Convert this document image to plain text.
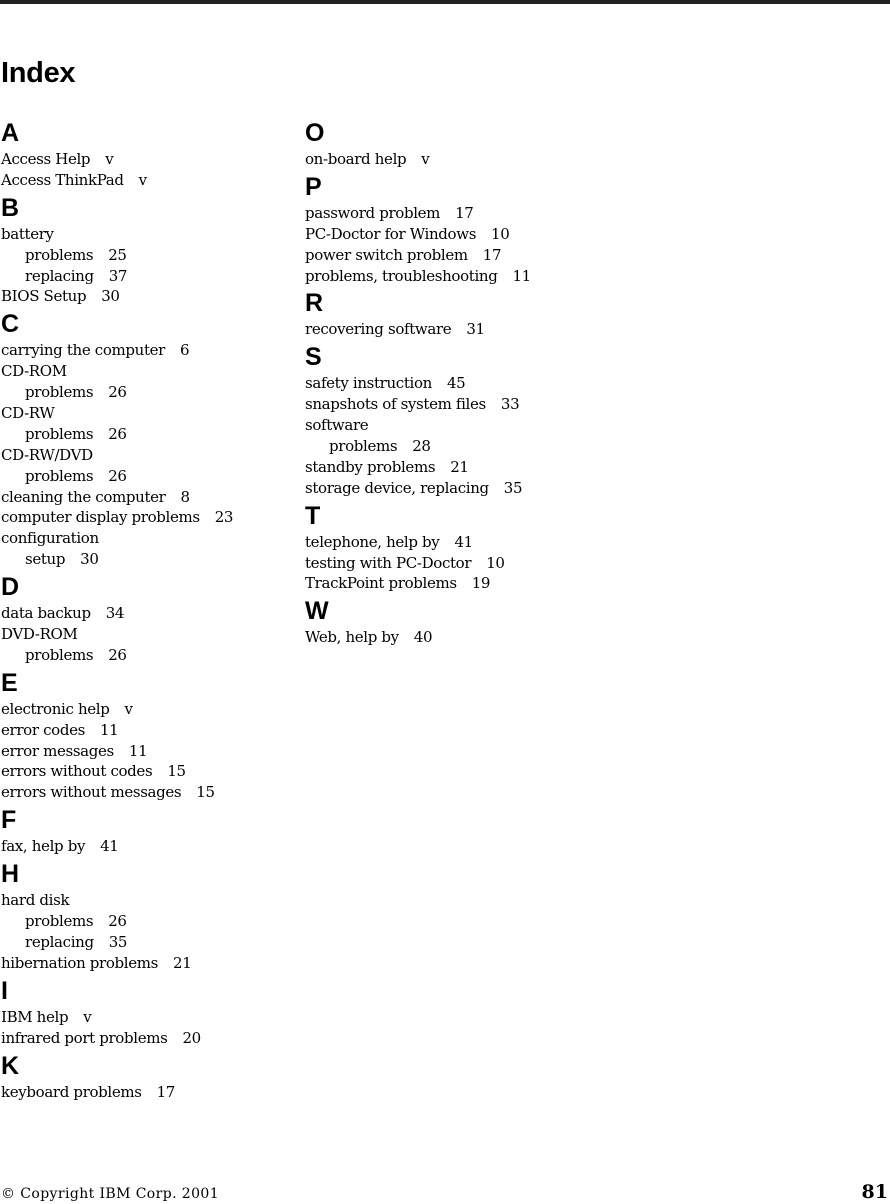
Index
A
Access Help v
Access ThinkPad v
B
battery
problems 25
replacing 37
BIOS Setup 30
C
carrying the computer 6
CD-ROM
problems 26
CD-RW
problems 26
CD-RW/DVD
problems 26
cleaning the computer 8
computer display problems 23
configuration
setup 30
D
data backup 34
DVD-ROM
problems 26
E
electronic help v
error codes 11
error messages 11
errors without codes 15
errors without messages 15
F
fax, help by 41
H
hard disk
problems 26
replacing 35
hibernation problems 21
I
IBM help v
infrared port problems 20
K
keyboard problems 17
O
on-board help v
P
password problem 17
PC-Doctor for Windows 10
power switch problem 17
problems, troubleshooting 11
R
recovering software 31
S
safety instruction 45
snapshots of system files 33
software
problems 28
standby problems 21
storage device, replacing 35
T
telephone, help by 41
testing with PC-Doctor 10
TrackPoint problems 19
W
Web, help by 40
© Copyright IBM Corp. 2001	81
